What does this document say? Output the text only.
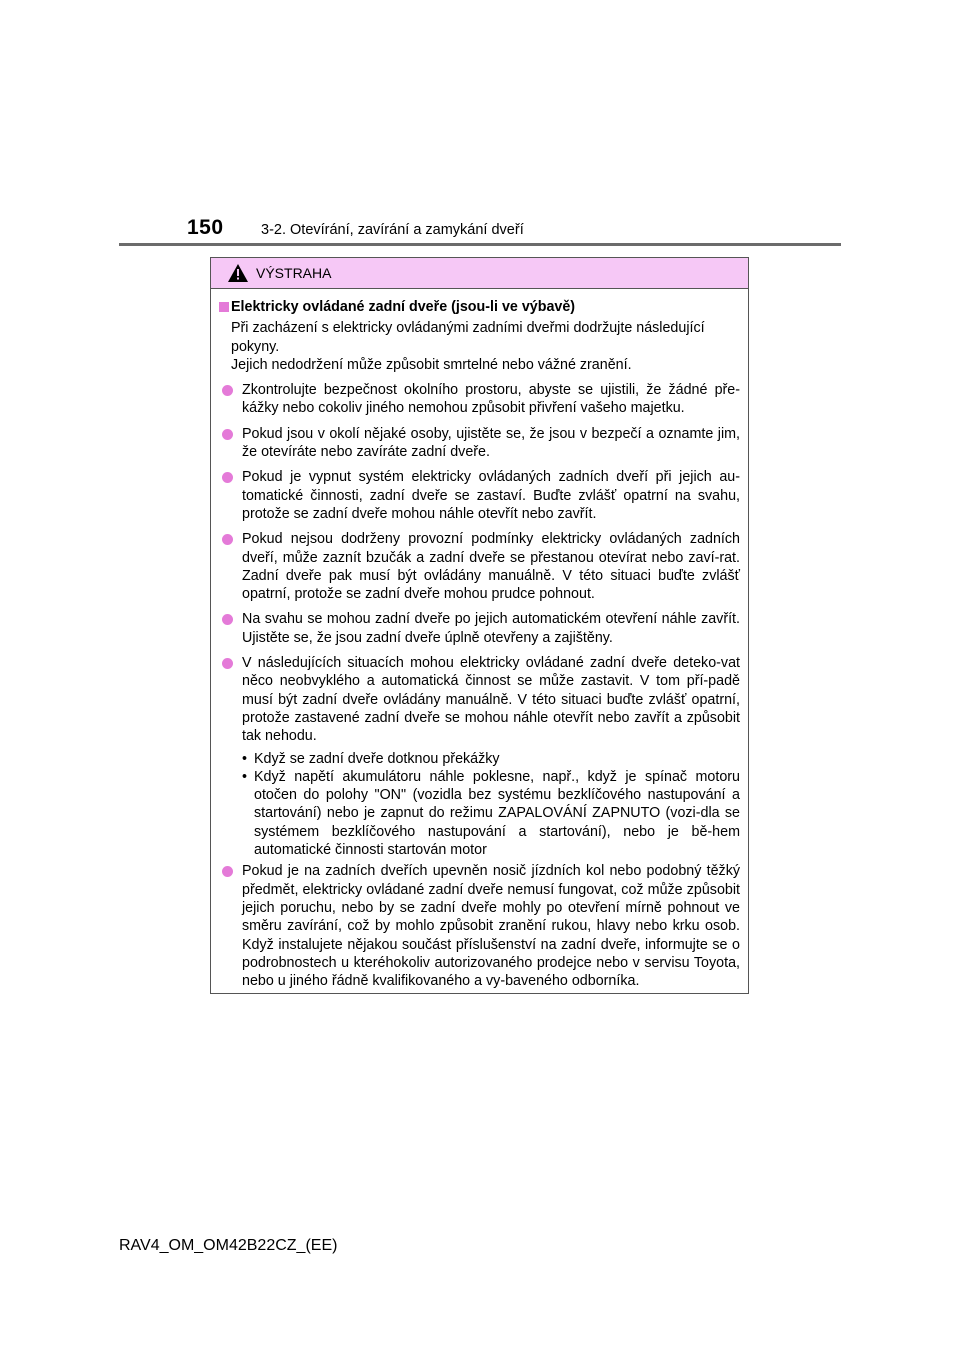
150	3-2. Otevírání, zavírání a zamykání dveří
VÝSTRAHA
Elektricky ovládané zadní dveře (jsou-li ve výbavě)
Při zacházení s elektricky ovládanými zadními dveřmi dodržujte následující pokyny.
Jejich nedodržení může způsobit smrtelné nebo vážné zranění.
Zkontrolujte bezpečnost okolního prostoru, abyste se ujistili, že žádné pře-kážky nebo cokoliv jiného nemohou způsobit přivření vašeho majetku.
Pokud jsou v okolí nějaké osoby, ujistěte se, že jsou v bezpečí a oznamte jim, že otevíráte nebo zavíráte zadní dveře.
Pokud je vypnut systém elektricky ovládaných zadních dveří při jejich au-tomatické činnosti, zadní dveře se zastaví. Buďte zvlášť opatrní na svahu, protože se zadní dveře mohou náhle otevřít nebo zavřít.
Pokud nejsou dodrženy provozní podmínky elektricky ovládaných zadních dveří, může zaznít bzučák a zadní dveře se přestanou otevírat nebo zaví-rat. Zadní dveře pak musí být ovládány manuálně. V této situaci buďte zvlášť opatrní, protože se zadní dveře mohou prudce pohnout.
Na svahu se mohou zadní dveře po jejich automatickém otevření náhle zavřít. Ujistěte se, že jsou zadní dveře úplně otevřeny a zajištěny.
V následujících situacích mohou elektricky ovládané zadní dveře deteko-vat něco neobvyklého a automatická činnost se může zastavit. V tom pří-padě musí být zadní dveře ovládány manuálně. V této situaci buďte zvlášť opatrní, protože zastavené zadní dveře se mohou náhle otevřít nebo zavřít a způsobit tak nehodu.
• Když se zadní dveře dotknou překážky
• Když napětí akumulátoru náhle poklesne, např., když je spínač motoru otočen do polohy "ON" (vozidla bez systému bezklíčového nastupování a startování) nebo je zapnut do režimu ZAPALOVÁNÍ ZAPNUTO (vozi-dla se systémem bezklíčového nastupování a startování), nebo je bě-hem automatické činnosti startován motor
Pokud je na zadních dveřích upevněn nosič jízdních kol nebo podobný těžký předmět, elektricky ovládané zadní dveře nemusí fungovat, což může způsobit jejich poruchu, nebo by se zadní dveře mohly po otevření mírně pohnout ve směru zavírání, což by mohlo způsobit zranění rukou, hlavy nebo krku osob. Když instalujete nějakou součást příslušenství na zadní dveře, informujte se o podrobnostech u kteréhokoliv autorizovaného prodejce nebo v servisu Toyota, nebo u jiného řádně kvalifikovaného a vy-baveného odborníka.
RAV4_OM_OM42B22CZ_(EE)
